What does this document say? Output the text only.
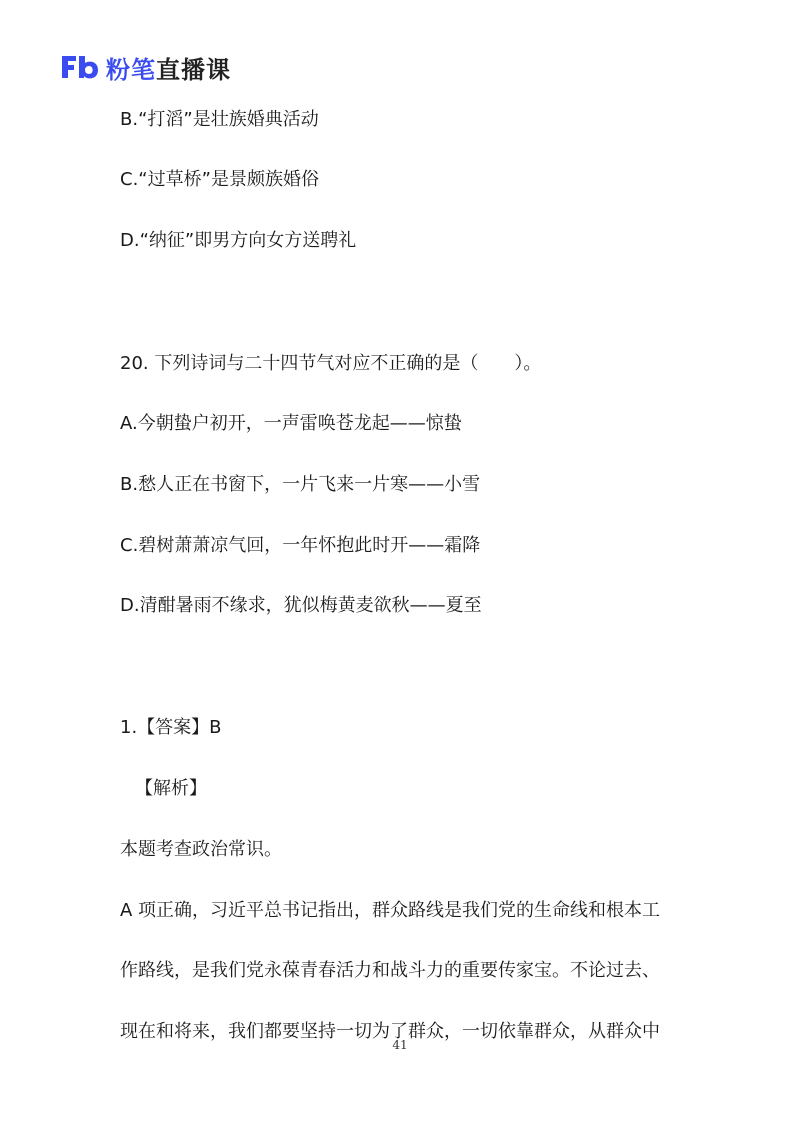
粉笔直播课
B.“打滔”是壮族婚典活动
C.“过草桥”是景颇族婚俗
D.“纳征”即男方向女方送聘礼
20. 下列诗词与二十四节气对应不正确的是（　　）。
A.今朝蛰户初开，一声雷唤苍龙起——惊蛰
B.愁人正在书窗下，一片飞来一片寒——小雪
C.碧树萧萧凉气回，一年怀抱此时开——霜降
D.清酣暑雨不缘求，犹似梅黄麦欲秋——夏至
1.【答案】B
【解析】
本题考查政治常识。
A 项正确，习近平总书记指出，群众路线是我们党的生命线和根本工
作路线，是我们党永葆青春活力和战斗力的重要传家宝。不论过去、
现在和将来，我们都要坚持一切为了群众，一切依靠群众，从群众中
41
